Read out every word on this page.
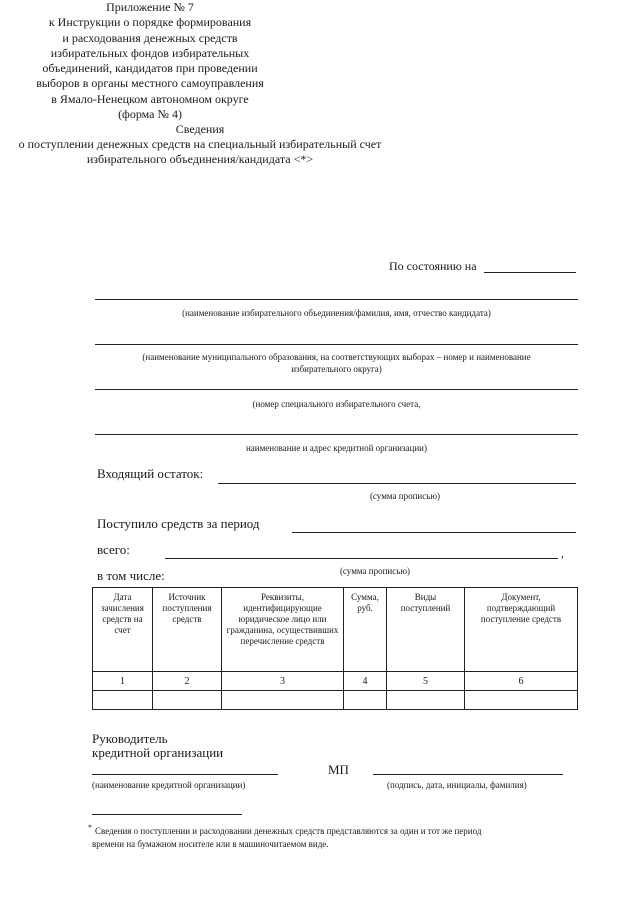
Приложение № 7
к Инструкции о порядке формирования
и расходования денежных средств
избирательных фондов избирательных
объединений, кандидатов при проведении
выборов в органы местного самоуправления
в Ямало-Ненецком автономном округе
(форма № 4)
Сведения
о поступлении денежных средств на специальный избирательный счет
избирательного объединения/кандидата <*>
По состоянию на
(наименование избирательного объединения/фамилия, имя, отчество кандидата)
(наименование муниципального образования, на соответствующих выборах – номер и наименование
избирательного округа)
(номер специального избирательного счета,
наименование и адрес кредитной организации)
Входящий остаток:
(сумма прописью)
Поступило средств за период
всего:	,
в том числе:	(сумма прописью)
Дата зачисления средств на счет	Источник поступления средств	Реквизиты, идентифицирующие юридическое лицо или гражданина, осуществивших перечисление средств	Сумма, руб.	Виды поступлений	Документ, подтверждающий поступление средств
1	2	3	4	5	6

Руководитель
кредитной организации
МП
(наименование кредитной организации)	(подпись, дата, инициалы, фамилия)
* Сведения о поступлении и расходовании денежных средств представляются за один и тот же период
времени на бумажном носителе или в машиночитаемом виде.
